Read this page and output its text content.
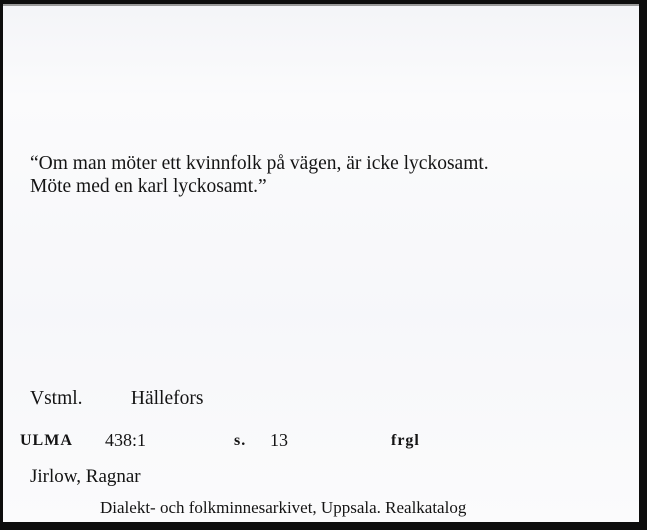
“Om man möter ett kvinnfolk på vägen, är icke lyckosamt.
Möte med en karl lyckosamt.”

Vstml. Hällefors
ULMA 438:1	s. 13	frgl
Jirlow, Ragnar
Dialekt- och folkminnesarkivet, Uppsala. Realkatalog
